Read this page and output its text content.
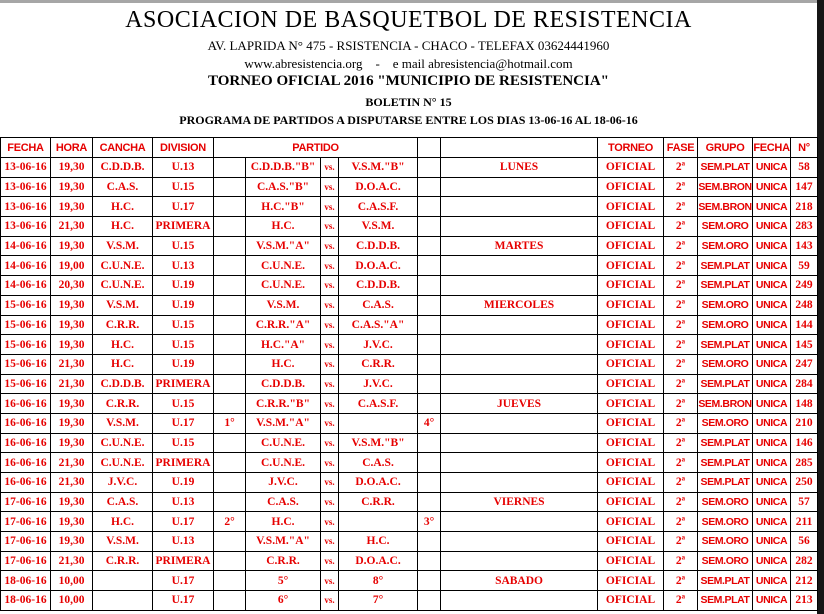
ASOCIACION DE BASQUETBOL DE RESISTENCIA
AV. LAPRIDA N° 475 - RSISTENCIA - CHACO - TELEFAX 03624441960
www.abresistencia.org    -    e mail abresistencia@hotmail.com
TORNEO OFICIAL 2016 "MUNICIPIO DE RESISTENCIA"
BOLETIN N° 15
PROGRAMA DE PARTIDOS A DISPUTARSE ENTRE LOS DIAS 13-06-16 AL 18-06-16
FECHA	HORA	CANCHA	DIVISION	PARTIDO						TORNEO	FASE	GRUPO	FECHA	N°
13-06-16	19,30	C.D.D.B.	U.13		C.D.D.B."B"	vs.	V.S.M."B"		LUNES	OFICIAL	2ª	SEM.PLAT	UNICA	58
13-06-16	19,30	C.A.S.	U.15		C.A.S."B"	vs.	D.O.A.C.			OFICIAL	2ª	SEM.BRON	UNICA	147
13-06-16	19,30	H.C.	U.17		H.C."B"	vs.	C.A.S.F.			OFICIAL	2ª	SEM.BRON	UNICA	218
13-06-16	21,30	H.C.	PRIMERA		H.C.	vs.	V.S.M.			OFICIAL	2ª	SEM.ORO	UNICA	283
14-06-16	19,30	V.S.M.	U.15		V.S.M."A"	vs.	C.D.D.B.		MARTES	OFICIAL	2ª	SEM.ORO	UNICA	143
14-06-16	19,00	C.U.N.E.	U.13		C.U.N.E.	vs.	D.O.A.C.			OFICIAL	2ª	SEM.PLAT	UNICA	59
14-06-16	20,30	C.U.N.E.	U.19		C.U.N.E.	vs.	C.D.D.B.			OFICIAL	2ª	SEM.PLAT	UNICA	249
15-06-16	19,30	V.S.M.	U.19		V.S.M.	vs.	C.A.S.		MIERCOLES	OFICIAL	2ª	SEM.ORO	UNICA	248
15-06-16	19,30	C.R.R.	U.15		C.R.R."A"	vs.	C.A.S."A"			OFICIAL	2ª	SEM.ORO	UNICA	144
15-06-16	19,30	H.C.	U.15		H.C."A"	vs.	J.V.C.			OFICIAL	2ª	SEM.PLAT	UNICA	145
15-06-16	21,30	H.C.	U.19		H.C.	vs.	C.R.R.			OFICIAL	2ª	SEM.ORO	UNICA	247
15-06-16	21,30	C.D.D.B.	PRIMERA		C.D.D.B.	vs.	J.V.C.			OFICIAL	2ª	SEM.PLAT	UNICA	284
16-06-16	19,30	C.R.R.	U.15		C.R.R."B"	vs.	C.A.S.F.		JUEVES	OFICIAL	2ª	SEM.BRON	UNICA	148
16-06-16	19,30	V.S.M.	U.17	1°	V.S.M."A"	vs.		4°		OFICIAL	2ª	SEM.ORO	UNICA	210
16-06-16	19,30	C.U.N.E.	U.15		C.U.N.E.	vs.	V.S.M."B"			OFICIAL	2ª	SEM.PLAT	UNICA	146
16-06-16	21,30	C.U.N.E.	PRIMERA		C.U.N.E.	vs.	C.A.S.			OFICIAL	2ª	SEM.PLAT	UNICA	285
16-06-16	21,30	J.V.C.	U.19		J.V.C.	vs.	D.O.A.C.			OFICIAL	2ª	SEM.PLAT	UNICA	250
17-06-16	19,30	C.A.S.	U.13		C.A.S.	vs.	C.R.R.		VIERNES	OFICIAL	2ª	SEM.ORO	UNICA	57
17-06-16	19,30	H.C.	U.17	2°	H.C.	vs.		3°		OFICIAL	2ª	SEM.ORO	UNICA	211
17-06-16	19,30	V.S.M.	U.13		V.S.M."A"	vs.	H.C.			OFICIAL	2ª	SEM.ORO	UNICA	56
17-06-16	21,30	C.R.R.	PRIMERA		C.R.R.	vs.	D.O.A.C.			OFICIAL	2ª	SEM.ORO	UNICA	282
18-06-16	10,00		U.17		5°	vs.	8°		SABADO	OFICIAL	2ª	SEM.PLAT	UNICA	212
18-06-16	10,00		U.17		6°	vs.	7°			OFICIAL	2ª	SEM.PLAT	UNICA	213
